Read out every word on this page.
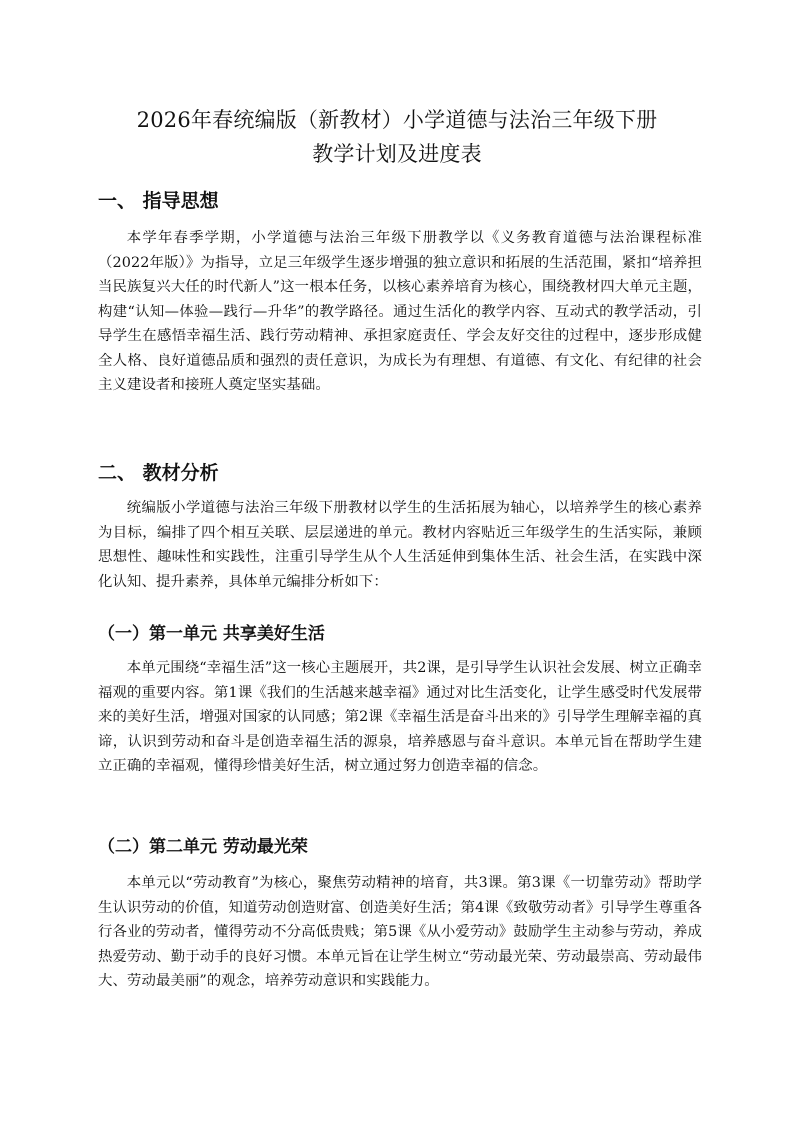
2026年春统编版（新教材）小学道德与法治三年级下册
教学计划及进度表
一、 指导思想

本学年春季学期，小学道德与法治三年级下册教学以《义务教育道德与法治课程标准（2022年版）》为指导，立足三年级学生逐步增强的独立意识和拓展的生活范围，紧扣“培养担当民族复兴大任的时代新人”这一根本任务，以核心素养培育为核心，围绕教材四大单元主题，构建“认知—体验—践行—升华”的教学路径。通过生活化的教学内容、互动式的教学活动，引导学生在感悟幸福生活、践行劳动精神、承担家庭责任、学会友好交往的过程中，逐步形成健全人格、良好道德品质和强烈的责任意识，为成长为有理想、有道德、有文化、有纪律的社会主义建设者和接班人奠定坚实基础。

二、 教材分析

统编版小学道德与法治三年级下册教材以学生的生活拓展为轴心，以培养学生的核心素养为目标，编排了四个相互关联、层层递进的单元。教材内容贴近三年级学生的生活实际，兼顾思想性、趣味性和实践性，注重引导学生从个人生活延伸到集体生活、社会生活，在实践中深化认知、提升素养，具体单元编排分析如下：

（一）第一单元 共享美好生活

本单元围绕“幸福生活”这一核心主题展开，共2课，是引导学生认识社会发展、树立正确幸福观的重要内容。第1课《我们的生活越来越幸福》通过对比生活变化，让学生感受时代发展带来的美好生活，增强对国家的认同感；第2课《幸福生活是奋斗出来的》引导学生理解幸福的真谛，认识到劳动和奋斗是创造幸福生活的源泉，培养感恩与奋斗意识。本单元旨在帮助学生建立正确的幸福观，懂得珍惜美好生活，树立通过努力创造幸福的信念。

（二）第二单元 劳动最光荣

本单元以“劳动教育”为核心，聚焦劳动精神的培育，共3课。第3课《一切靠劳动》帮助学生认识劳动的价值，知道劳动创造财富、创造美好生活；第4课《致敬劳动者》引导学生尊重各行各业的劳动者，懂得劳动不分高低贵贱；第5课《从小爱劳动》鼓励学生主动参与劳动，养成热爱劳动、勤于动手的良好习惯。本单元旨在让学生树立“劳动最光荣、劳动最崇高、劳动最伟大、劳动最美丽”的观念，培养劳动意识和实践能力。
